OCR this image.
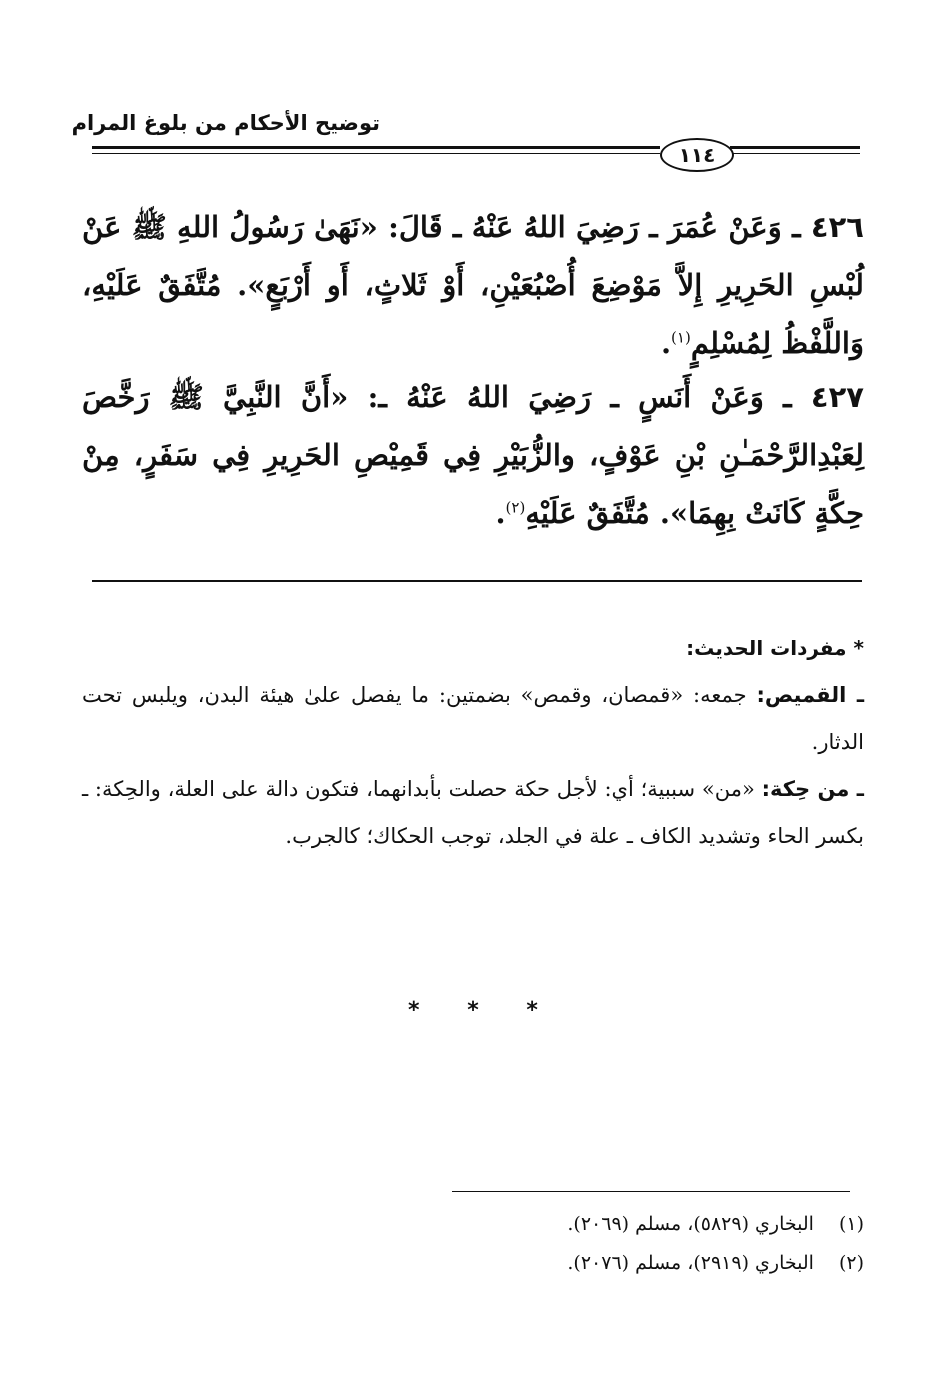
توضيح الأحكام من بلوغ المرام
١١٤
٤٢٦ ـ وَعَنْ عُمَرَ ـ رَضِيَ اللهُ عَنْهُ ـ قَالَ: «نَهَىٰ رَسُولُ اللهِ ﷺ عَنْ لُبْسِ الحَرِيرِ إِلاَّ مَوْضِعَ أُصْبُعَيْنِ، أَوْ ثَلاثٍ، أَو أَرْبَعٍ». مُتَّفَقٌ عَلَيْهِ، وَاللَّفْظُ لِمُسْلِمٍ$^{(١)}$.
٤٢٧ ـ وَعَنْ أَنَسٍ ـ رَضِيَ اللهُ عَنْهُ ـ: «أَنَّ النَّبِيَّ ﷺ رَخَّصَ لِعَبْدِالرَّحْمَـٰنِ بْنِ عَوْفٍ، والزُّبَيْرِ فِي قَمِيْصِ الحَرِيرِ فِي سَفَرٍ، مِنْ حِكَّةٍ كَانَتْ بِهِمَا». مُتَّفَقٌ عَلَيْهِ$^{(٢)}$.
* مفردات الحديث:
ـ القميص: جمعه: «قمصان، وقمص» بضمتين: ما يفصل علىٰ هيئة البدن، ويلبس تحت الدثار.
ـ من حِكة: «من» سببية؛ أي: لأجل حكة حصلت بأبدانهما، فتكون دالة على العلة، والحِكة: ـ بكسر الحاء وتشديد الكاف ـ علة في الجلد، توجب الحكاك؛ كالجرب.
* * *
(١) البخاري (٥٨٢٩)، مسلم (٢٠٦٩).
(٢) البخاري (٢٩١٩)، مسلم (٢٠٧٦).
